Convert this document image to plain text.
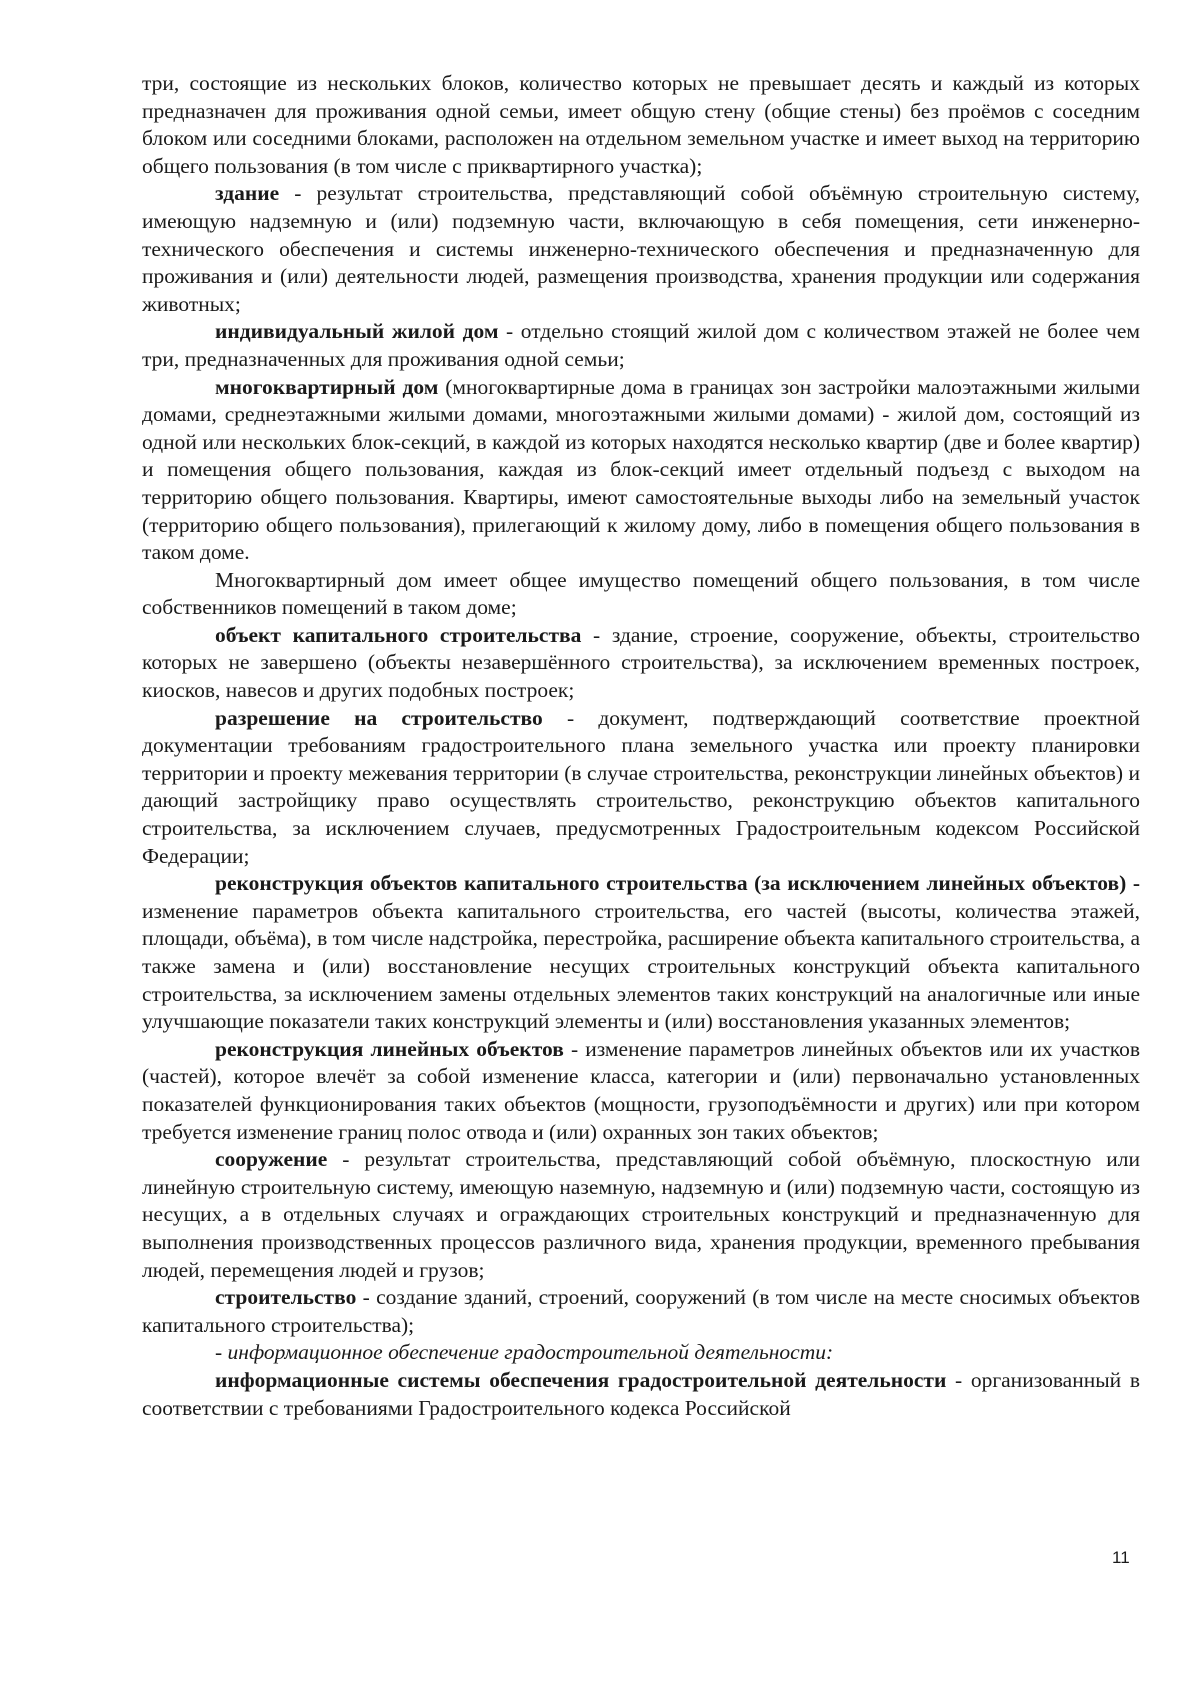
три, состоящие из нескольких блоков, количество которых не превышает десять и каждый из которых предназначен для проживания одной семьи, имеет общую стену (общие стены) без проёмов с соседним блоком или соседними блоками, расположен на отдельном земельном участке и имеет выход на территорию общего пользования (в том числе с приквартирного участка);

здание - результат строительства, представляющий собой объёмную строительную систему, имеющую надземную и (или) подземную части, включающую в себя помещения, сети инженерно-технического обеспечения и системы инженерно-технического обеспечения и предназначенную для проживания и (или) деятельности людей, размещения производства, хранения продукции или содержания животных;

индивидуальный жилой дом - отдельно стоящий жилой дом с количеством этажей не более чем три, предназначенных для проживания одной семьи;

многоквартирный дом (многоквартирные дома в границах зон застройки малоэтажными жилыми домами, среднеэтажными жилыми домами, многоэтажными жилыми домами) - жилой дом, состоящий из одной или нескольких блок-секций, в каждой из которых находятся несколько квартир (две и более квартир) и помещения общего пользования, каждая из блок-секций имеет отдельный подъезд с выходом на территорию общего пользования. Квартиры, имеют самостоятельные выходы либо на земельный участок (территорию общего пользования), прилегающий к жилому дому, либо в помещения общего пользования в таком доме.

Многоквартирный дом имеет общее имущество помещений общего пользования, в том числе собственников помещений в таком доме;

объект капитального строительства - здание, строение, сооружение, объекты, строительство которых не завершено (объекты незавершённого строительства), за исключением временных построек, киосков, навесов и других подобных построек;

разрешение на строительство - документ, подтверждающий соответствие проектной документации требованиям градостроительного плана земельного участка или проекту планировки территории и проекту межевания территории (в случае строительства, реконструкции линейных объектов) и дающий застройщику право осуществлять строительство, реконструкцию объектов капитального строительства, за исключением случаев, предусмотренных Градостроительным кодексом Российской Федерации;

реконструкция объектов капитального строительства (за исключением линейных объектов) - изменение параметров объекта капитального строительства, его частей (высоты, количества этажей, площади, объёма), в том числе надстройка, перестройка, расширение объекта капитального строительства, а также замена и (или) восстановление несущих строительных конструкций объекта капитального строительства, за исключением замены отдельных элементов таких конструкций на аналогичные или иные улучшающие показатели таких конструкций элементы и (или) восстановления указанных элементов;

реконструкция линейных объектов - изменение параметров линейных объектов или их участков (частей), которое влечёт за собой изменение класса, категории и (или) первоначально установленных показателей функционирования таких объектов (мощности, грузоподъёмности и других) или при котором требуется изменение границ полос отвода и (или) охранных зон таких объектов;

сооружение - результат строительства, представляющий собой объёмную, плоскостную или линейную строительную систему, имеющую наземную, надземную и (или) подземную части, состоящую из несущих, а в отдельных случаях и ограждающих строительных конструкций и предназначенную для выполнения производственных процессов различного вида, хранения продукции, временного пребывания людей, перемещения людей и грузов;

строительство - создание зданий, строений, сооружений (в том числе на месте сносимых объектов капитального строительства);

- информационное обеспечение градостроительной деятельности:

информационные системы обеспечения градостроительной деятельности - организованный в соответствии с требованиями Градостроительного кодекса Российской

11
